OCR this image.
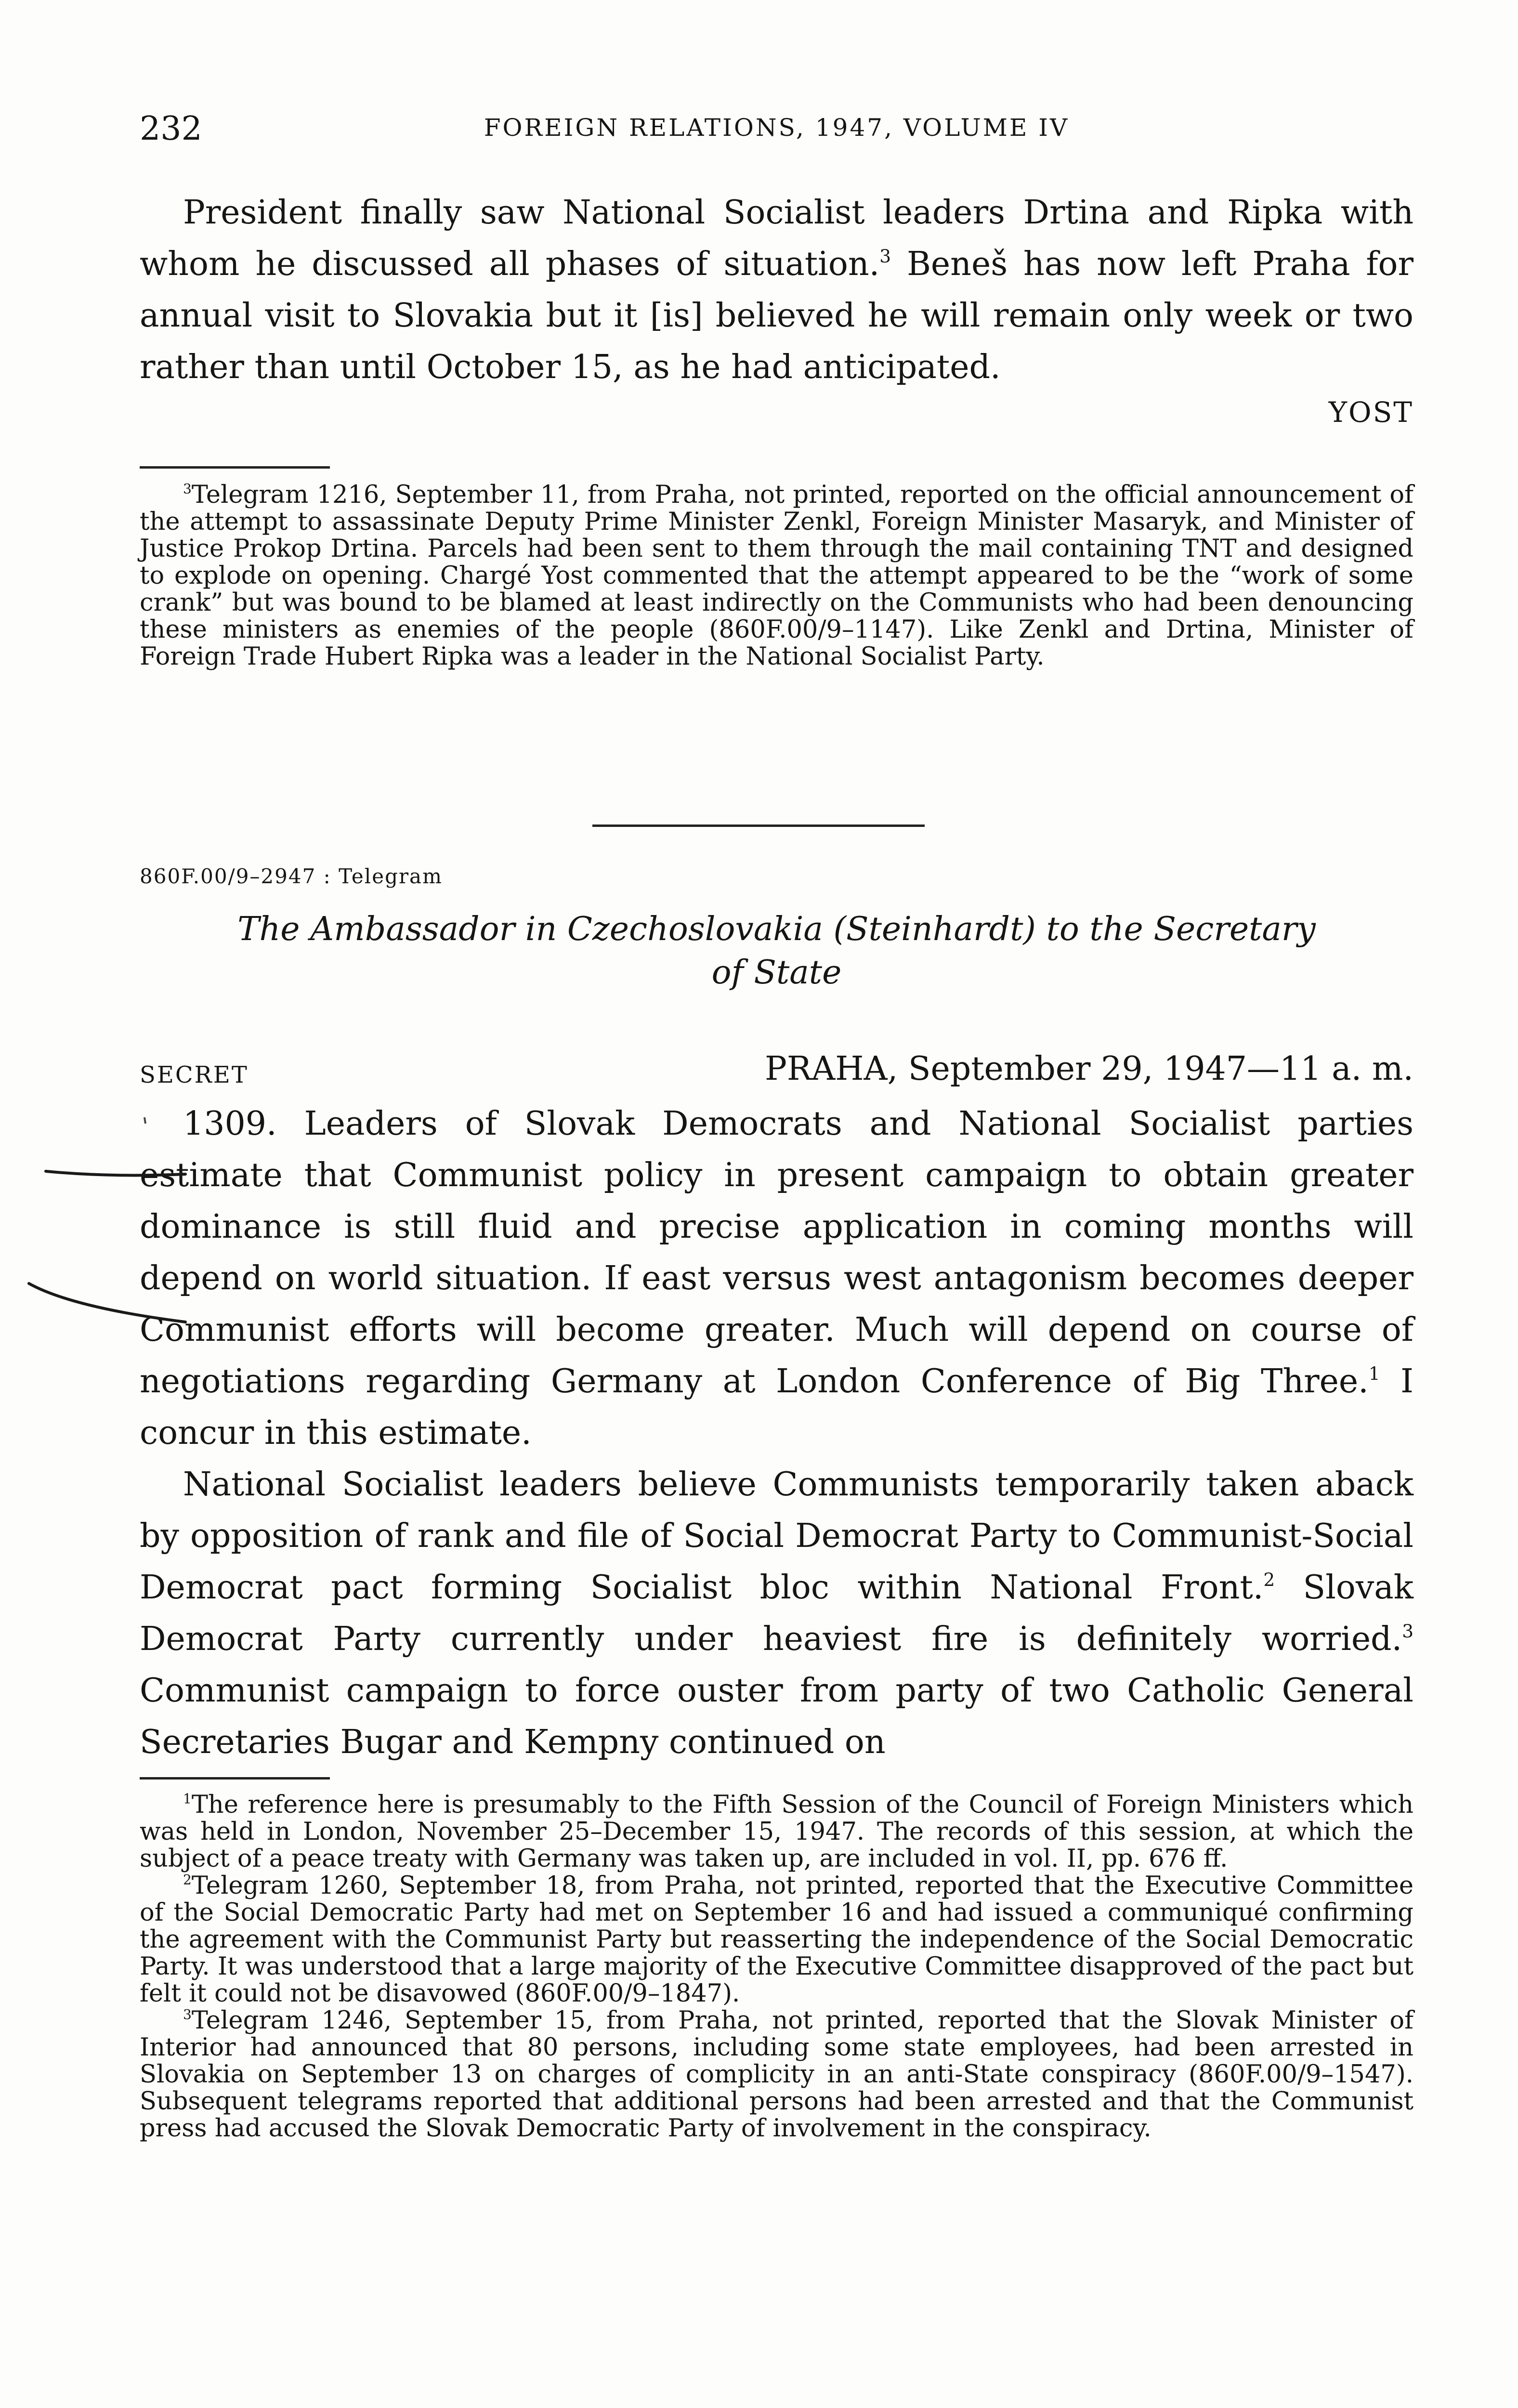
232	FOREIGN RELATIONS, 1947, VOLUME IV

President finally saw National Socialist leaders Drtina and Ripka with whom he discussed all phases of situation.$^3$ Beneš has now left Praha for annual visit to Slovakia but it [is] believed he will remain only week or two rather than until October 15, as he had anticipated.

YOST

$^3$Telegram 1216, September 11, from Praha, not printed, reported on the official announcement of the attempt to assassinate Deputy Prime Minister Zenkl, Foreign Minister Masaryk, and Minister of Justice Prokop Drtina. Parcels had been sent to them through the mail containing TNT and designed to explode on opening. Chargé Yost commented that the attempt appeared to be the “work of some crank” but was bound to be blamed at least indirectly on the Communists who had been denouncing these ministers as enemies of the people (860F.00/9–1147). Like Zenkl and Drtina, Minister of Foreign Trade Hubert Ripka was a leader in the National Socialist Party.

860F.00/9–2947 : Telegram
The Ambassador in Czechoslovakia (Steinhardt) to the Secretary
of State
SECRET	PRAHA, September 29, 1947—11 a. m.

1309. Leaders of Slovak Democrats and National Socialist parties estimate that Communist policy in present campaign to obtain greater dominance is still fluid and precise application in coming months will depend on world situation. If east versus west antagonism becomes deeper Communist efforts will become greater. Much will depend on course of negotiations regarding Germany at London Conference of Big Three.$^1$ I concur in this estimate.

National Socialist leaders believe Communists temporarily taken aback by opposition of rank and file of Social Democrat Party to Communist-Social Democrat pact forming Socialist bloc within National Front.$^2$ Slovak Democrat Party currently under heaviest fire is definitely worried.$^3$ Communist campaign to force ouster from party of two Catholic General Secretaries Bugar and Kempny continued on

$^1$The reference here is presumably to the Fifth Session of the Council of Foreign Ministers which was held in London, November 25–December 15, 1947. The records of this session, at which the subject of a peace treaty with Germany was taken up, are included in vol. II, pp. 676 ff.

$^2$Telegram 1260, September 18, from Praha, not printed, reported that the Executive Committee of the Social Democratic Party had met on September 16 and had issued a communiqué confirming the agreement with the Communist Party but reasserting the independence of the Social Democratic Party. It was understood that a large majority of the Executive Committee disapproved of the pact but felt it could not be disavowed (860F.00/9–1847).

$^3$Telegram 1246, September 15, from Praha, not printed, reported that the Slovak Minister of Interior had announced that 80 persons, including some state employees, had been arrested in Slovakia on September 13 on charges of complicity in an anti-State conspiracy (860F.00/9–1547). Subsequent telegrams reported that additional persons had been arrested and that the Communist press had accused the Slovak Democratic Party of involvement in the conspiracy.
